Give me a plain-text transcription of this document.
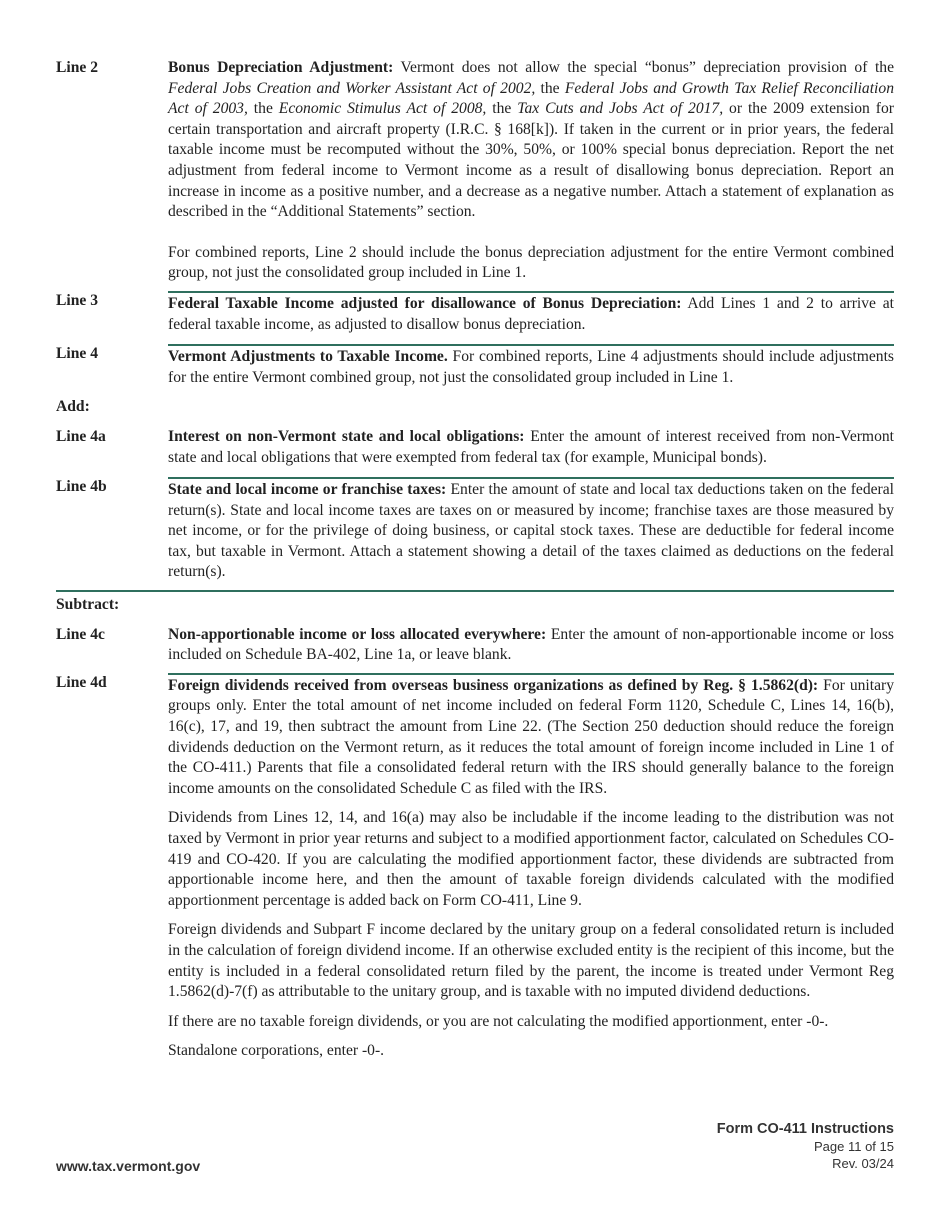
Line 2	Bonus Depreciation Adjustment: Vermont does not allow the special “bonus” depreciation provision of the Federal Jobs Creation and Worker Assistant Act of 2002, the Federal Jobs and Growth Tax Relief Reconciliation Act of 2003, the Economic Stimulus Act of 2008, the Tax Cuts and Jobs Act of 2017, or the 2009 extension for certain transportation and aircraft property (I.R.C. § 168[k]). If taken in the current or in prior years, the federal taxable income must be recomputed without the 30%, 50%, or 100% special bonus depreciation. Report the net adjustment from federal income to Vermont income as a result of disallowing bonus depreciation. Report an increase in income as a positive number, and a decrease as a negative number. Attach a statement of explanation as described in the “Additional Statements” section.

For combined reports, Line 2 should include the bonus depreciation adjustment for the entire Vermont combined group, not just the consolidated group included in Line 1.

Line 3	Federal Taxable Income adjusted for disallowance of Bonus Depreciation: Add Lines 1 and 2 to arrive at federal taxable income, as adjusted to disallow bonus depreciation.

Line 4	Vermont Adjustments to Taxable Income. For combined reports, Line 4 adjustments should include adjustments for the entire Vermont combined group, not just the consolidated group included in Line 1.

Add:
Line 4a	Interest on non-Vermont state and local obligations: Enter the amount of interest received from non-Vermont state and local obligations that were exempted from federal tax (for example, Municipal bonds).

Line 4b	State and local income or franchise taxes: Enter the amount of state and local tax deductions taken on the federal return(s). State and local income taxes are taxes on or measured by income; franchise taxes are those measured by net income, or for the privilege of doing business, or capital stock taxes. These are deductible for federal income tax, but taxable in Vermont. Attach a statement showing a detail of the taxes claimed as deductions on the federal return(s).

Subtract:
Line 4c	Non-apportionable income or loss allocated everywhere: Enter the amount of non-apportionable income or loss included on Schedule BA-402, Line 1a, or leave blank.

Line 4d	Foreign dividends received from overseas business organizations as defined by Reg. § 1.5862(d): For unitary groups only. Enter the total amount of net income included on federal Form 1120, Schedule C, Lines 14, 16(b), 16(c), 17, and 19, then subtract the amount from Line 22. (The Section 250 deduction should reduce the foreign dividends deduction on the Vermont return, as it reduces the total amount of foreign income included in Line 1 of the CO-411.) Parents that file a consolidated federal return with the IRS should generally balance to the foreign income amounts on the consolidated Schedule C as filed with the IRS.

Dividends from Lines 12, 14, and 16(a) may also be includable if the income leading to the distribution was not taxed by Vermont in prior year returns and subject to a modified apportionment factor, calculated on Schedules CO-419 and CO-420. If you are calculating the modified apportionment factor, these dividends are subtracted from apportionable income here, and then the amount of taxable foreign dividends calculated with the modified apportionment percentage is added back on Form CO-411, Line 9.

Foreign dividends and Subpart F income declared by the unitary group on a federal consolidated return is included in the calculation of foreign dividend income. If an otherwise excluded entity is the recipient of this income, but the entity is included in a federal consolidated return filed by the parent, the income is treated under Vermont Reg 1.5862(d)-7(f) as attributable to the unitary group, and is taxable with no imputed dividend deductions.

If there are no taxable foreign dividends, or you are not calculating the modified apportionment, enter -0-.

Standalone corporations, enter -0-.

Form CO-411 Instructions
Page 11 of 15
Rev. 03/24
www.tax.vermont.gov
